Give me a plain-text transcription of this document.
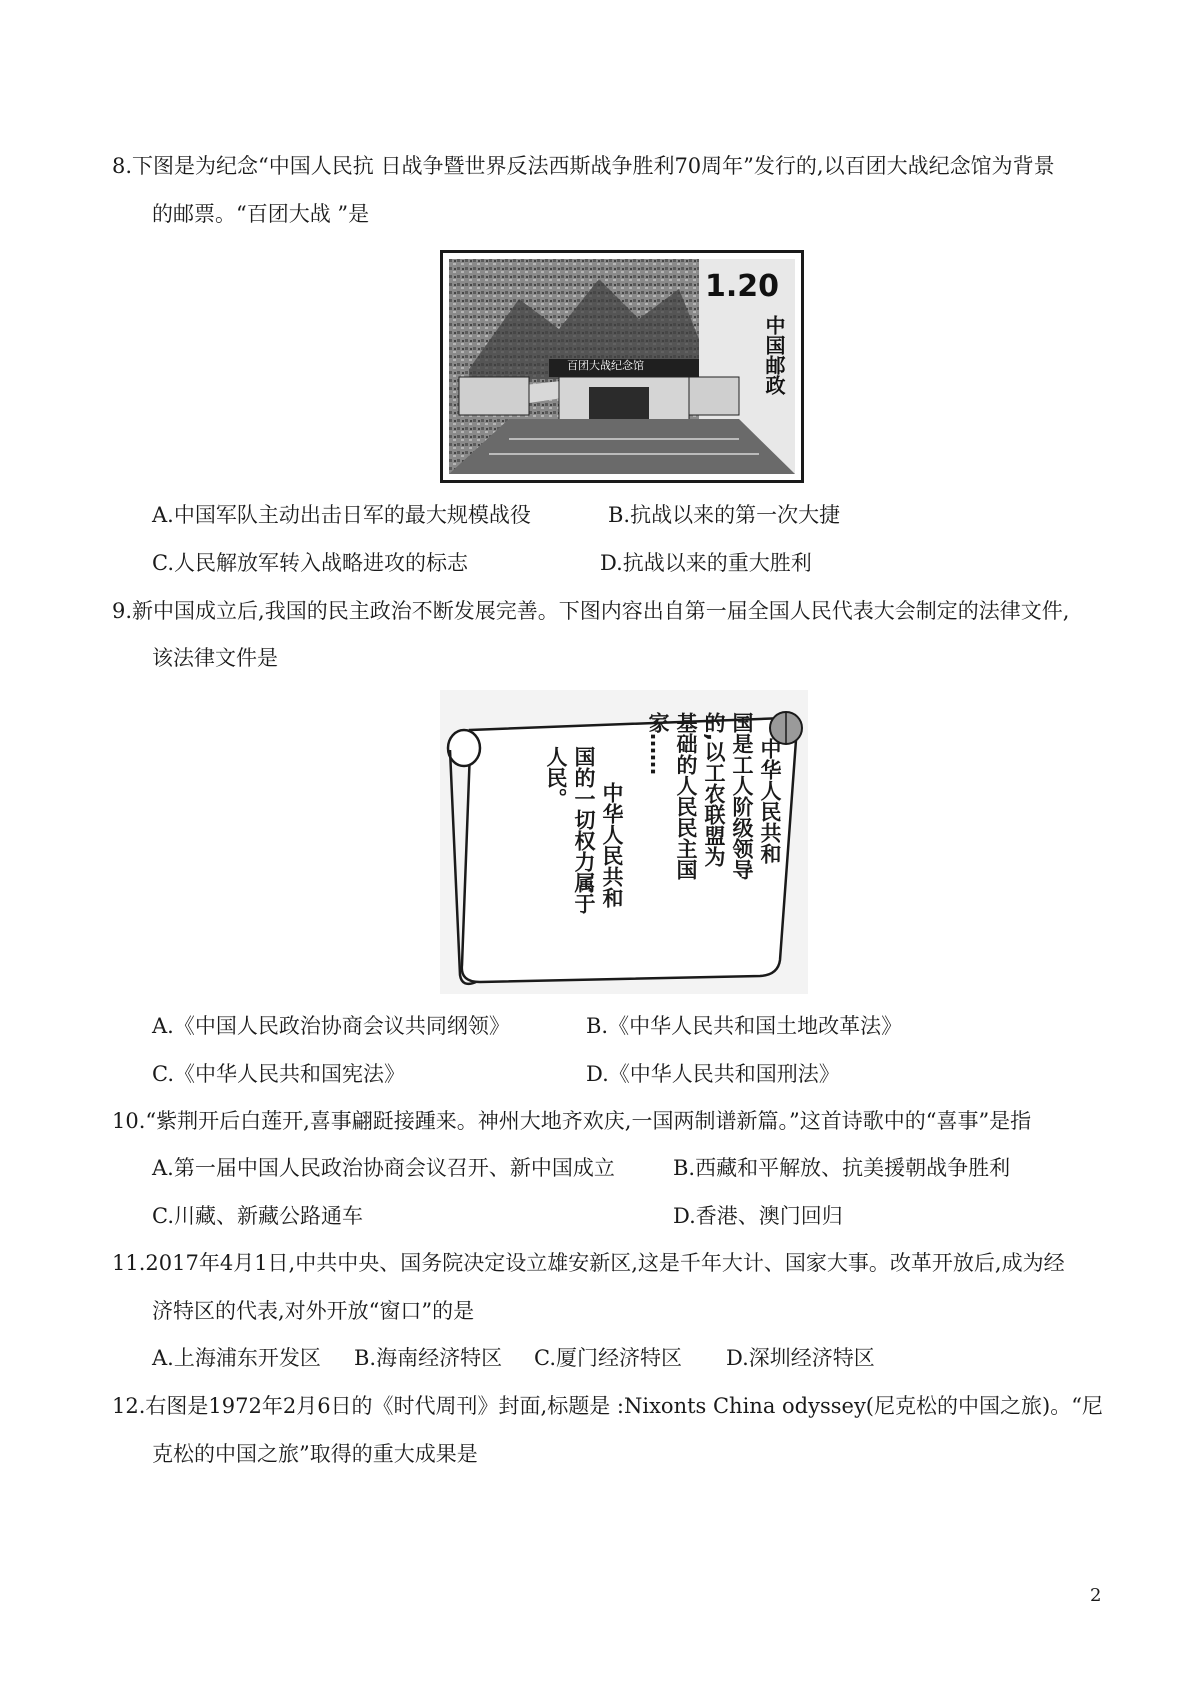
8.下图是为纪念“中国人民抗 日战争暨世界反法西斯战争胜利70周年”发行的,以百团大战纪念馆为背景
的邮票。“百团大战 ”是
1.20
中国邮政
百团大战纪念馆
A.中国军队主动出击日军的最大规模战役	B.抗战以来的第一次大捷
C.人民解放军转入战略进攻的标志	D.抗战以来的重大胜利
9.新中国成立后,我国的民主政治不断发展完善。下图内容出自第一届全国人民代表大会制定的法律文件,
该法律文件是
中华人民共和
国是工人阶级领导
的,以工农联盟为
基础的人民民主国
家……
中华人民共和
国的一切权力属于
人民。
A.《中国人民政治协商会议共同纲领》	B.《中华人民共和国土地改革法》
C.《中华人民共和国宪法》	D.《中华人民共和国刑法》
10.“紫荆开后白莲开,喜事翩跹接踵来。神州大地齐欢庆,一国两制谱新篇。”这首诗歌中的“喜事”是指
A.第一届中国人民政治协商会议召开、新中国成立	B.西藏和平解放、抗美援朝战争胜利
C.川藏、新藏公路通车	D.香港、澳门回归
11.2017年4月1日,中共中央、国务院决定设立雄安新区,这是千年大计、国家大事。改革开放后,成为经
济特区的代表,对外开放“窗口”的是
A.上海浦东开发区 B.海南经济特区 C.厦门经济特区 D.深圳经济特区
12.右图是1972年2月6日的《时代周刊》封面,标题是 :Nixonts China odyssey(尼克松的中国之旅)。“尼
克松的中国之旅”取得的重大成果是
2
